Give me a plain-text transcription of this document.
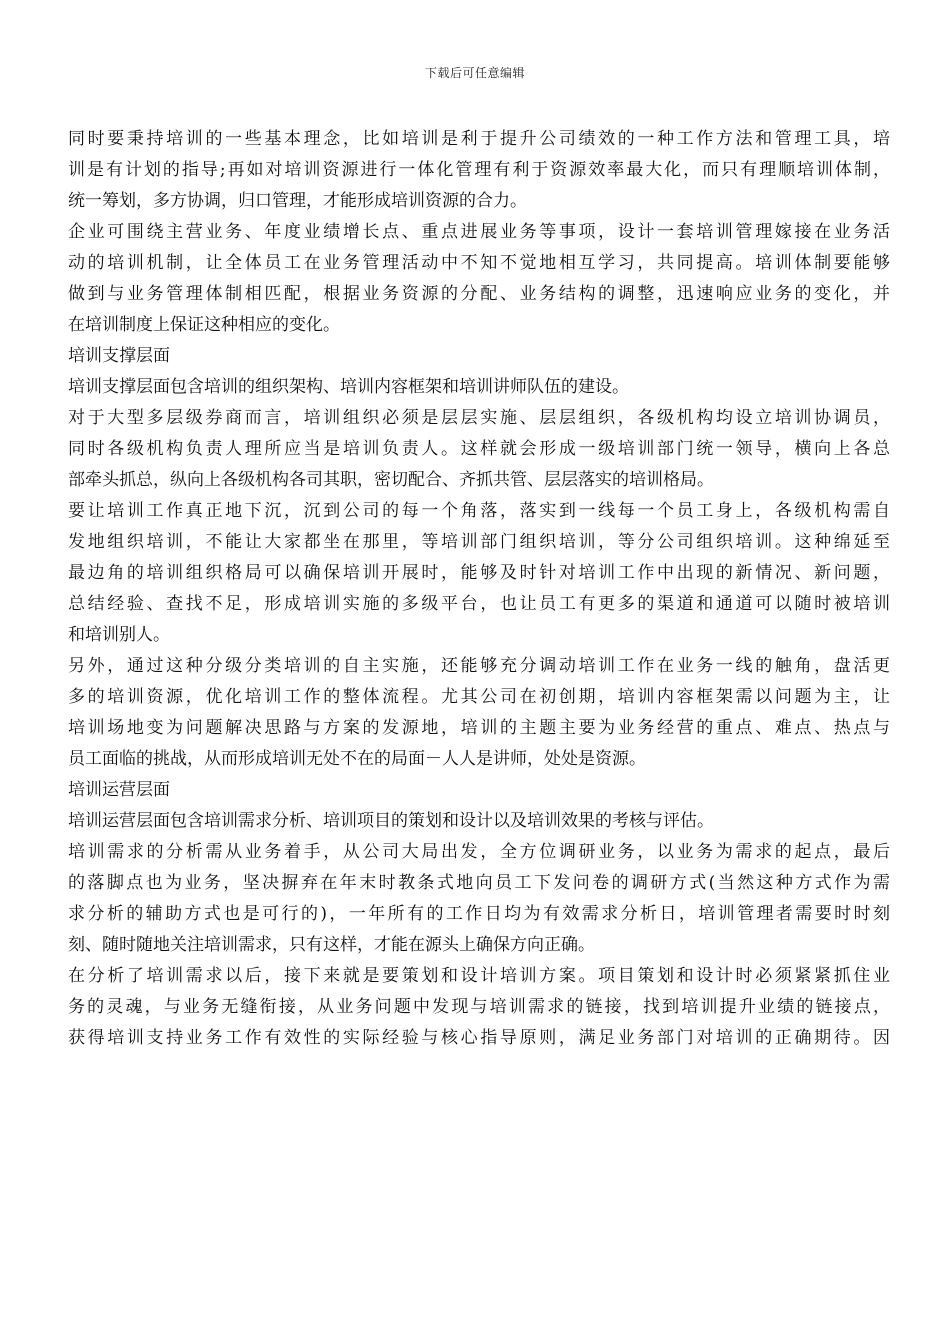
下载后可任意编辑
同时要秉持培训的一些基本理念，比如培训是利于提升公司绩效的一种工作方法和管理工具，培
训是有计划的指导;再如对培训资源进行一体化管理有利于资源效率最大化，而只有理顺培训体制，
统一筹划，多方协调，归口管理，才能形成培训资源的合力。
企业可围绕主营业务、年度业绩增长点、重点进展业务等事项，设计一套培训管理嫁接在业务活
动的培训机制，让全体员工在业务管理活动中不知不觉地相互学习，共同提高。培训体制要能够
做到与业务管理体制相匹配，根据业务资源的分配、业务结构的调整，迅速响应业务的变化，并
在培训制度上保证这种相应的变化。
培训支撑层面
培训支撑层面包含培训的组织架构、培训内容框架和培训讲师队伍的建设。
对于大型多层级券商而言，培训组织必须是层层实施、层层组织，各级机构均设立培训协调员，
同时各级机构负责人理所应当是培训负责人。这样就会形成一级培训部门统一领导，横向上各总
部牵头抓总，纵向上各级机构各司其职，密切配合、齐抓共管、层层落实的培训格局。
要让培训工作真正地下沉，沉到公司的每一个角落，落实到一线每一个员工身上，各级机构需自
发地组织培训，不能让大家都坐在那里，等培训部门组织培训，等分公司组织培训。这种绵延至
最边角的培训组织格局可以确保培训开展时，能够及时针对培训工作中出现的新情况、新问题，
总结经验、查找不足，形成培训实施的多级平台，也让员工有更多的渠道和通道可以随时被培训
和培训别人。
另外，通过这种分级分类培训的自主实施，还能够充分调动培训工作在业务一线的触角，盘活更
多的培训资源，优化培训工作的整体流程。尤其公司在初创期，培训内容框架需以问题为主，让
培训场地变为问题解决思路与方案的发源地，培训的主题主要为业务经营的重点、难点、热点与
员工面临的挑战，从而形成培训无处不在的局面－人人是讲师，处处是资源。
培训运营层面
培训运营层面包含培训需求分析、培训项目的策划和设计以及培训效果的考核与评估。
培训需求的分析需从业务着手，从公司大局出发，全方位调研业务，以业务为需求的起点，最后
的落脚点也为业务，坚决摒弃在年末时教条式地向员工下发问卷的调研方式(当然这种方式作为需
求分析的辅助方式也是可行的)，一年所有的工作日均为有效需求分析日，培训管理者需要时时刻
刻、随时随地关注培训需求，只有这样，才能在源头上确保方向正确。
在分析了培训需求以后，接下来就是要策划和设计培训方案。项目策划和设计时必须紧紧抓住业
务的灵魂，与业务无缝衔接，从业务问题中发现与培训需求的链接，找到培训提升业绩的链接点，
获得培训支持业务工作有效性的实际经验与核心指导原则，满足业务部门对培训的正确期待。因
